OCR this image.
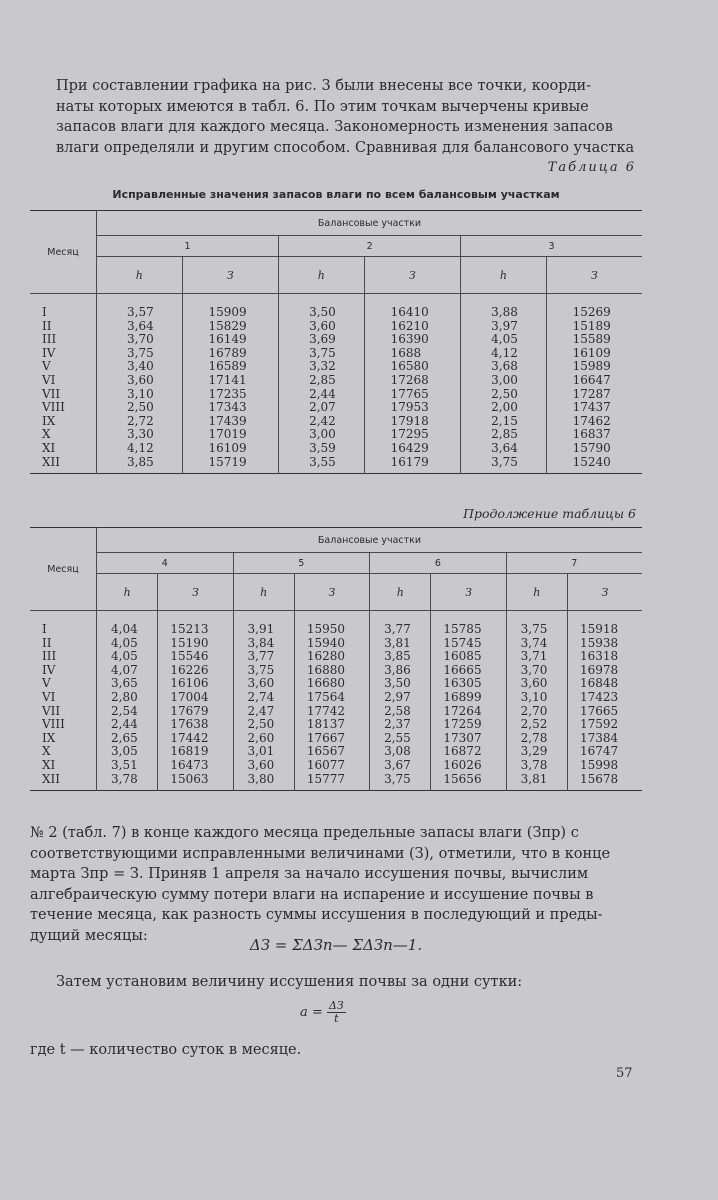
При составлении графика на рис. 3 были внесены все точки, коорди-
наты которых имеются в табл. 6. По этим точкам вычерчены кривые
запасов влаги для каждого месяца. Закономерность изменения запасов
влаги определяли и другим способом. Сравнивая для балансового участка
Таблица 6
Исправленные значения запасов влаги по всем балансовым участкам
Месяц	Балансовые участки					
	1		2		3	
	h	З	h	З	h	З
I	3,57	15909	3,50	16410	3,88	15269
II	3,64	15829	3,60	16210	3,97	15189
III	3,70	16149	3,69	16390	4,05	15589
IV	3,75	16789	3,75	1688	4,12	16109
V	3,40	16589	3,32	16580	3,68	15989
VI	3,60	17141	2,85	17268	3,00	16647
VII	3,10	17235	2,44	17765	2,50	17287
VIII	2,50	17343	2,07	17953	2,00	17437
IX	2,72	17439	2,42	17918	2,15	17462
X	3,30	17019	3,00	17295	2,85	16837
XI	4,12	16109	3,59	16429	3,64	15790
XII	3,85	15719	3,55	16179	3,75	15240
Продолжение таблицы 6
Месяц	Балансовые участки							
	4		5		6		7	
	h	З	h	З	h	З	h	З
I	4,04	15213	3,91	15950	3,77	15785	3,75	15918
II	4,05	15190	3,84	15940	3,81	15745	3,74	15938
III	4,05	15546	3,77	16280	3,85	16085	3,71	16318
IV	4,07	16226	3,75	16880	3,86	16665	3,70	16978
V	3,65	16106	3,60	16680	3,50	16305	3,60	16848
VI	2,80	17004	2,74	17564	2,97	16899	3,10	17423
VII	2,54	17679	2,47	17742	2,58	17264	2,70	17665
VIII	2,44	17638	2,50	18137	2,37	17259	2,52	17592
IX	2,65	17442	2,60	17667	2,55	17307	2,78	17384
X	3,05	16819	3,01	16567	3,08	16872	3,29	16747
XI	3,51	16473	3,60	16077	3,67	16026	3,78	15998
XII	3,78	15063	3,80	15777	3,75	15656	3,81	15678
№ 2 (табл. 7) в конце каждого месяца предельные запасы влаги (Зпр) с
соответствующими исправленными величинами (З), отметили, что в конце
марта Зпр = З. Приняв 1 апреля за начало иссушения почвы, вычислим
алгебраическую сумму потери влаги на испарение и иссушение почвы в
течение месяца, как разность суммы иссушения в последующий и преды-
дущий месяцы:
ΔЗ = ΣΔЗn— ΣΔЗn—1.
Затем установим величину иссушения почвы за одни сутки:
$a = \frac{\Delta З}{t}$
где t — количество суток в месяце.
57
